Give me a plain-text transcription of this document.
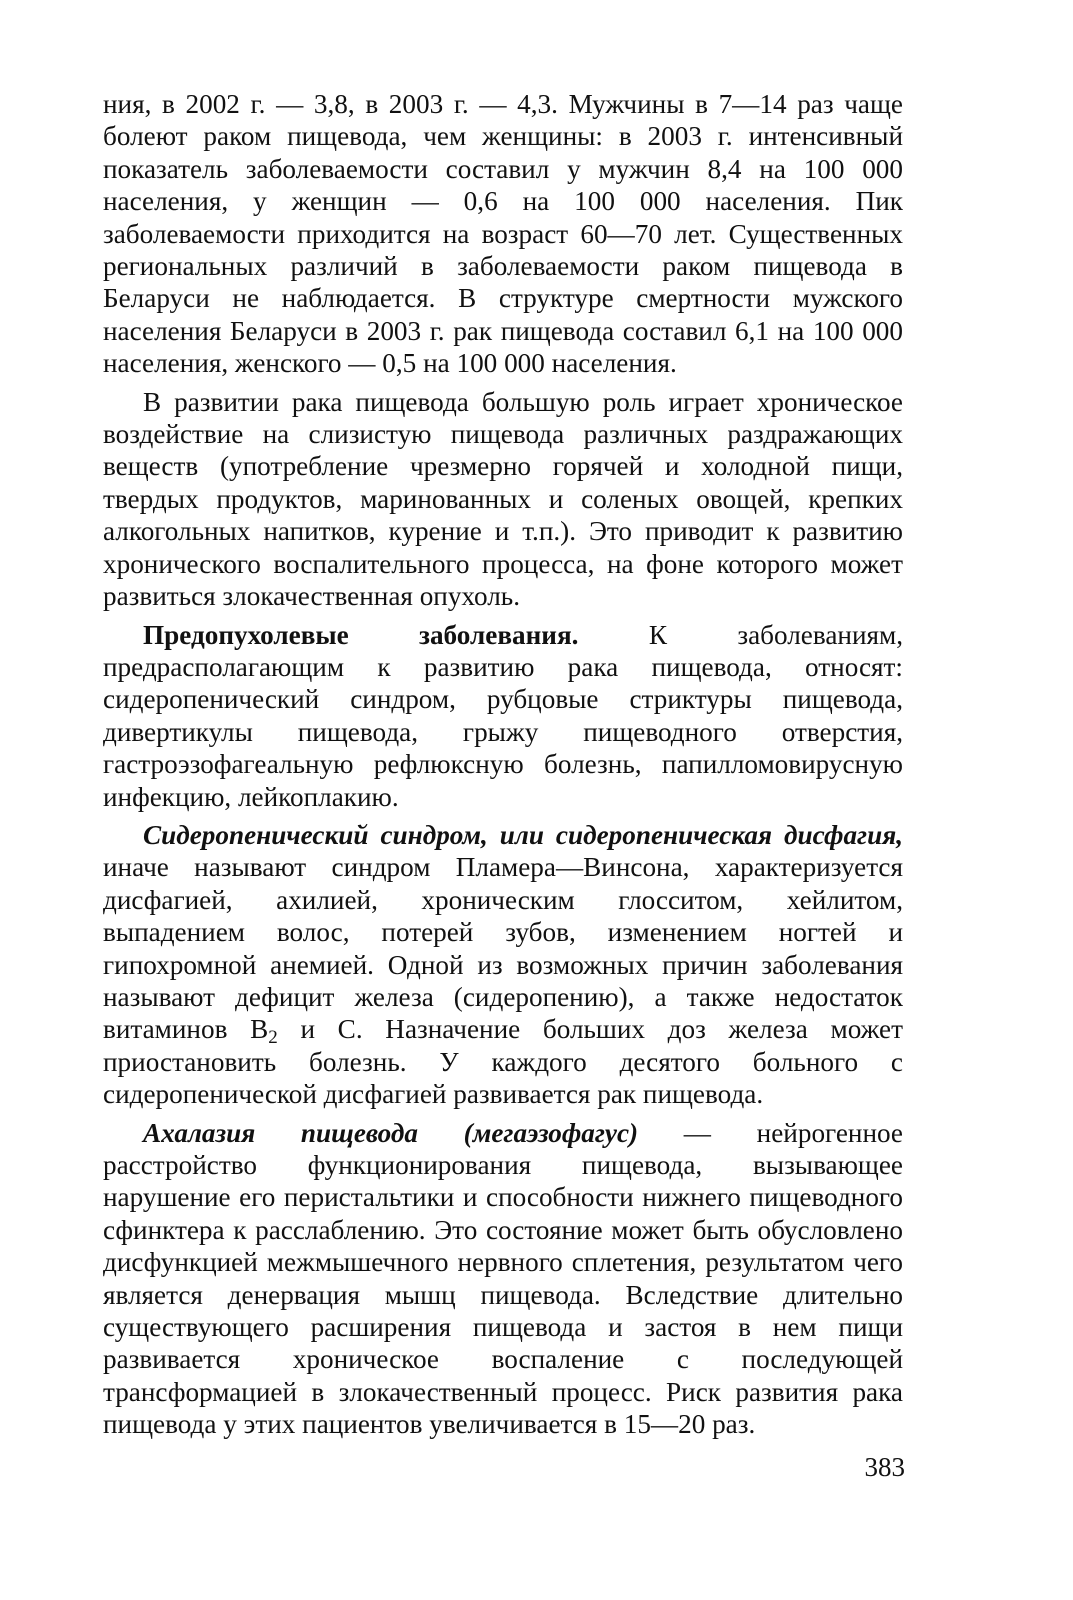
ния, в 2002 г. — 3,8, в 2003 г. — 4,3. Мужчины в 7—14 раз чаще болеют раком пищевода, чем женщины: в 2003 г. интенсивный показатель заболеваемости составил у мужчин 8,4 на 100 000 населения, у женщин — 0,6 на 100 000 населения. Пик заболеваемости приходится на возраст 60—70 лет. Существенных региональных различий в заболеваемости раком пищевода в Беларуси не наблюдается. В структуре смертности мужского населения Беларуси в 2003 г. рак пищевода составил 6,1 на 100 000 населения, женского — 0,5 на 100 000 населения.

В развитии рака пищевода большую роль играет хроническое воздействие на слизистую пищевода различных раздражающих веществ (употребление чрезмерно горячей и холодной пищи, твердых продуктов, маринованных и соленых овощей, крепких алкогольных напитков, курение и т.п.). Это приводит к развитию хронического воспалительного процесса, на фоне которого может развиться злокачественная опухоль.

Предопухолевые заболевания. К заболеваниям, предрасполагающим к развитию рака пищевода, относят: сидеропенический синдром, рубцовые стриктуры пищевода, дивертикулы пищевода, грыжу пищеводного отверстия, гастроэзофагеальную рефлюксную болезнь, папилломовирусную инфекцию, лейкоплакию.

Сидеропенический синдром, или сидеропеническая дисфагия, иначе называют синдром Пламера—Винсона, характеризуется дисфагией, ахилией, хроническим глосситом, хейлитом, выпадением волос, потерей зубов, изменением ногтей и гипохромной анемией. Одной из возможных причин заболевания называют дефицит железа (сидеропению), а также недостаток витаминов $В_2$ и С. Назначение больших доз железа может приостановить болезнь. У каждого десятого больного с сидеропенической дисфагией развивается рак пищевода.

Ахалазия пищевода (мегаэзофагус) — нейрогенное расстройство функционирования пищевода, вызывающее нарушение его перистальтики и способности нижнего пищеводного сфинктера к расслаблению. Это состояние может быть обусловлено дисфункцией межмышечного нервного сплетения, результатом чего является денервация мышц пищевода. Вследствие длительно существующего расширения пищевода и застоя в нем пищи развивается хроническое воспаление с последующей трансформацией в злокачественный процесс. Риск развития рака пищевода у этих пациентов увеличивается в 15—20 раз.

383
